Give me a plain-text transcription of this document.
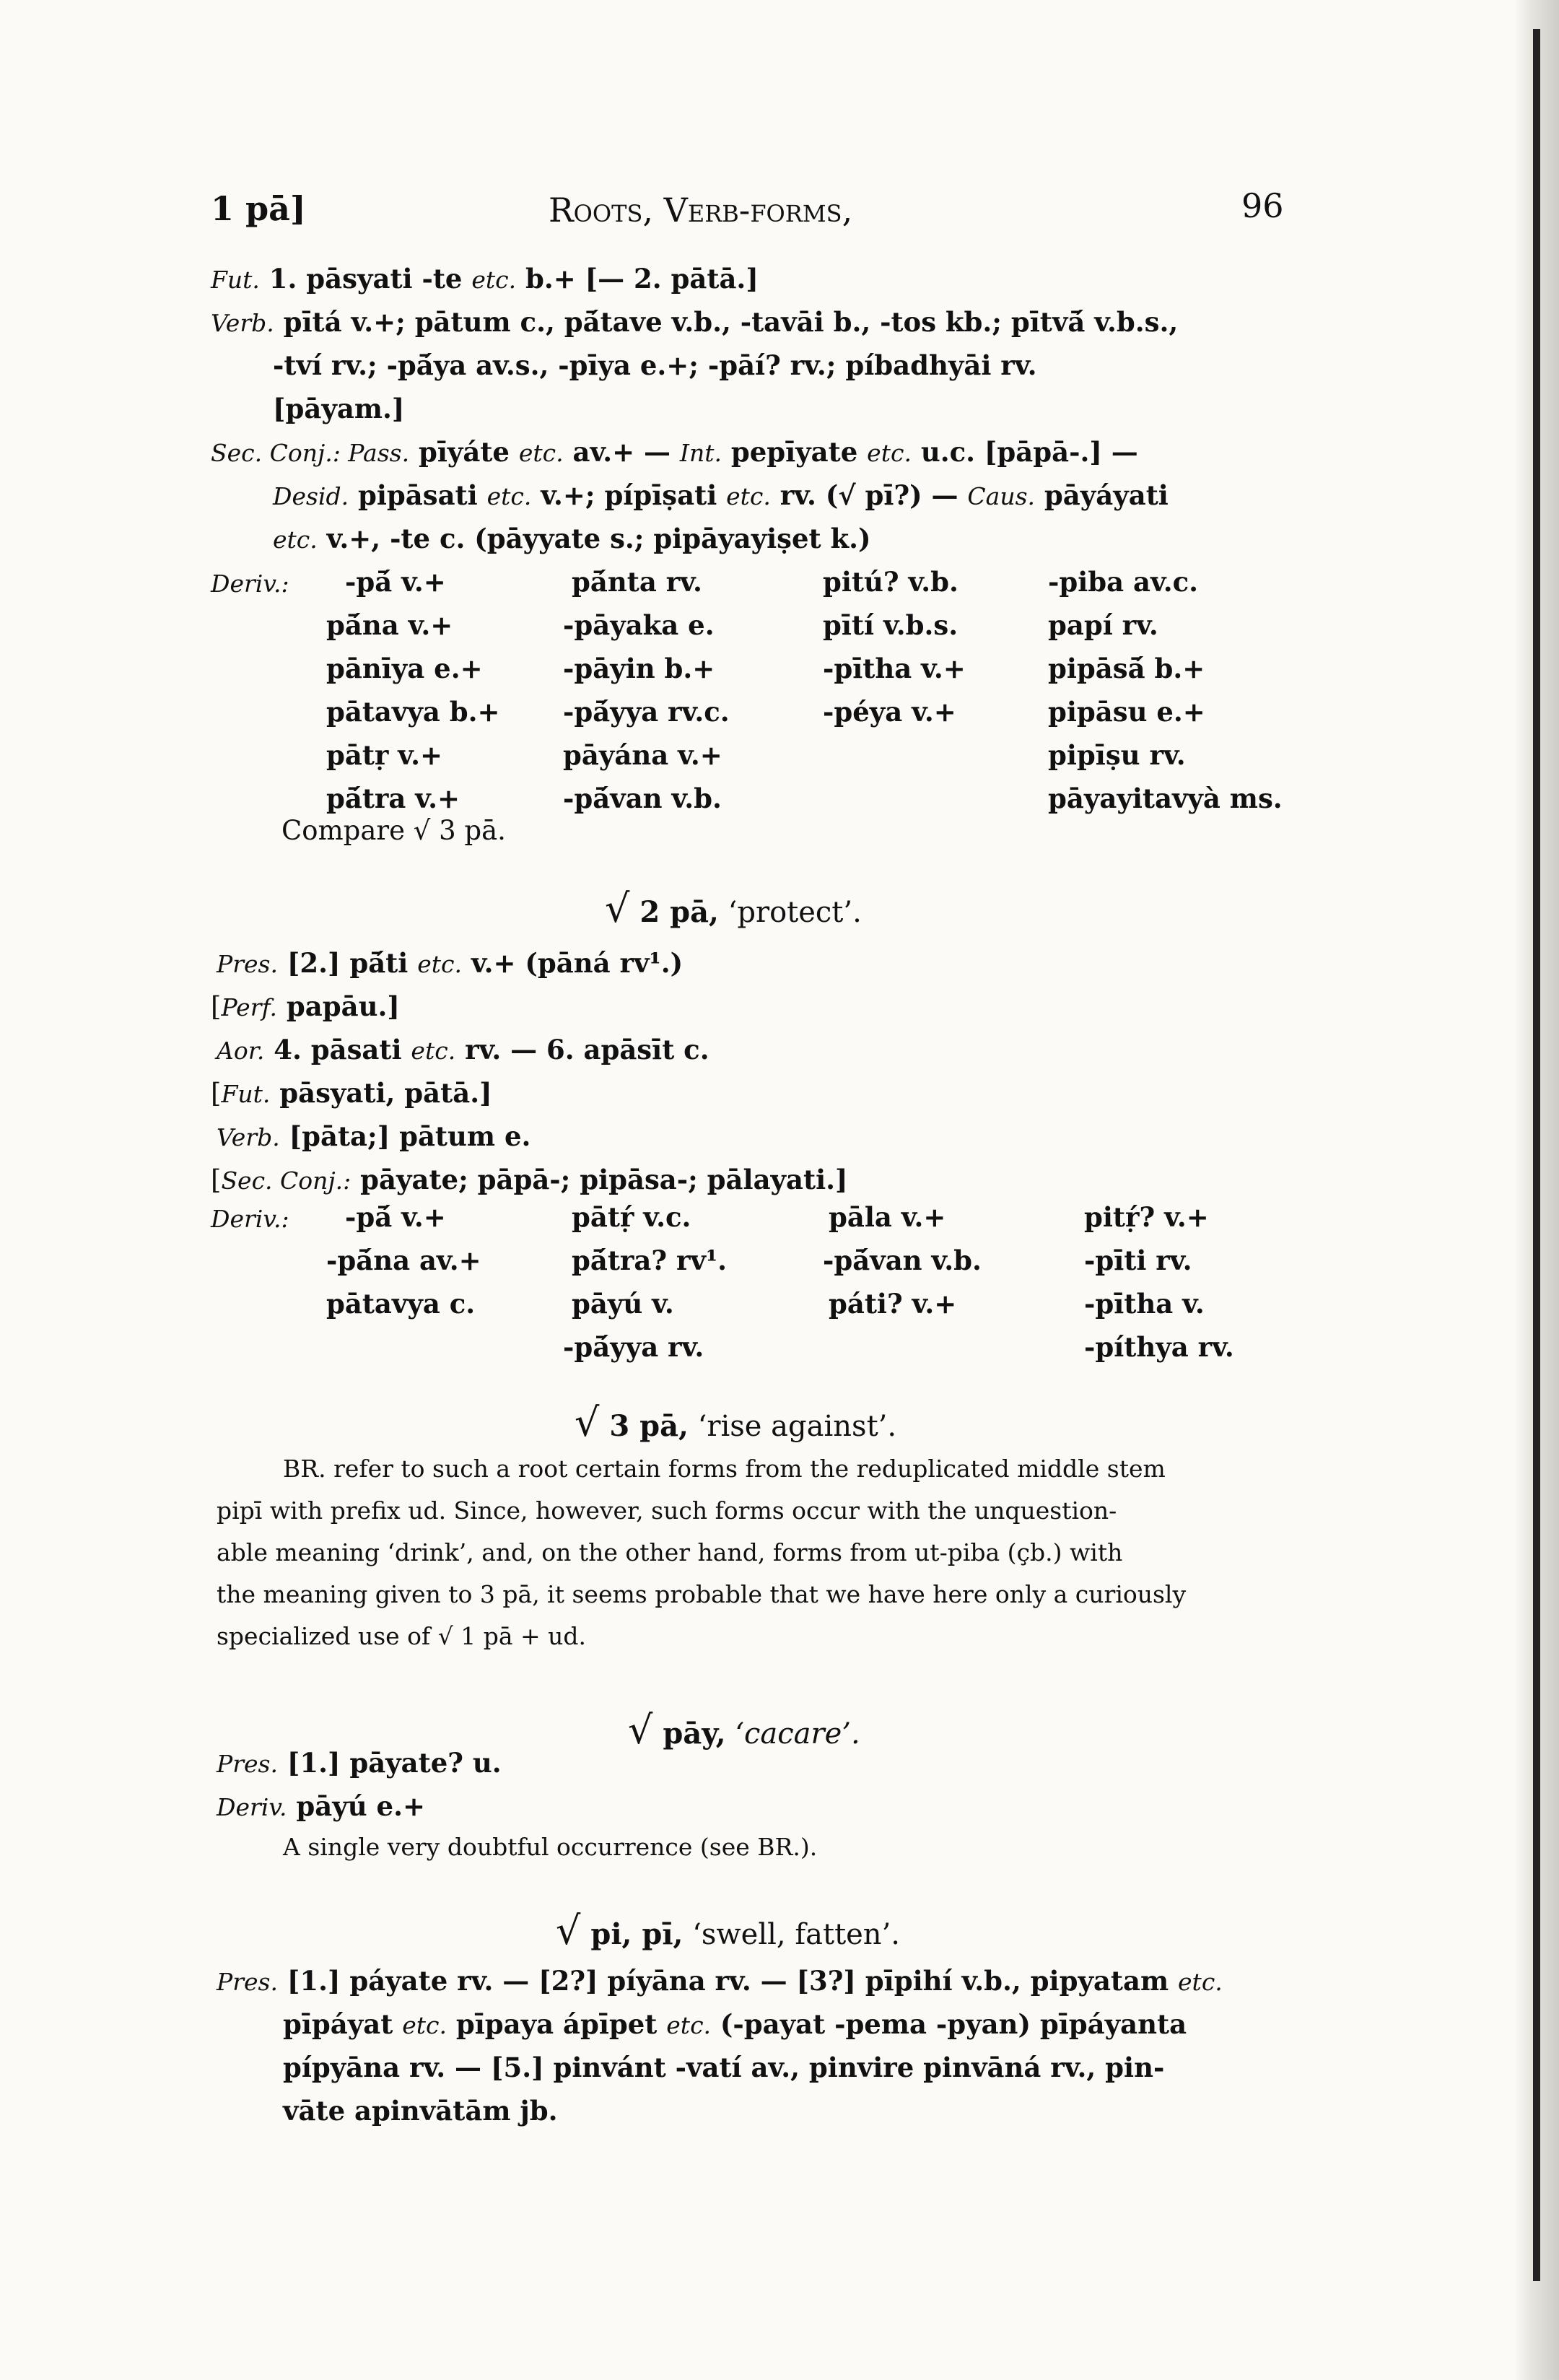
1 pā]	Roots, Verb-forms,	96
Fut. 1. pāsyati -te etc. b.+ [— 2. pātā.]
Verb. pītá v.+; pātum c., pā́tave v.b., -tavāi b., -tos kb.; pītvā́ v.b.s.,
-tví rv.; -pā́ya av.s., -pīya e.+; -pāí? rv.; píbadhyāi rv.
[pāyam.]
Sec. Conj.: Pass. pīyáte etc. av.+ — Int. pepīyate etc. u.c. [pāpā-.] —
Desid. pipāsati etc. v.+; pípīṣati etc. rv. (√ pī?) — Caus. pāyáyati
etc. v.+, -te c. (pāyyate s.; pipāyayiṣet k.)
Deriv.: -pā́ v.+
pā́na v.+
pānīya e.+
pātavya b.+
pātṛ v.+
pā́tra v.+
pā́nta rv.
-pāyaka e.
-pāyin b.+
-pā́yya rv.c.
pāyána v.+
-pā́van v.b.
pitú? v.b.
pītí v.b.s.
-pītha v.+
-péya v.+
-piba av.c.
papí rv.
pipāsā́ b.+
pipāsu e.+
pipīṣu rv.
pāyayitavyà ms.
Compare √ 3 pā.
√ 2 pā, ‘protect’.
Pres. [2.] pā́ti etc. v.+ (pāná rv¹.)
[Perf. papāu.]
Aor. 4. pāsati etc. rv. — 6. apāsīt c.
[Fut. pāsyati, pātā.]
Verb. [pāta;] pātum e.
[Sec. Conj.: pāyate; pāpā-; pipāsa-; pālayati.]
Deriv.: -pā́ v.+
-pā́na av.+
pātavya c.
pātṛ́ v.c.
pā́tra? rv¹.
pāyú v.
-pā́yya rv.
pāla v.+
-pā́van v.b.
páti? v.+
pitṛ́? v.+
-pīti rv.
-pītha v.
-píthya rv.
√ 3 pā, ‘rise against’.
BR. refer to such a root certain forms from the reduplicated middle stem
pipī with prefix ud. Since, however, such forms occur with the unquestion-
able meaning ‘drink’, and, on the other hand, forms from ut-piba (çb.) with
the meaning given to 3 pā, it seems probable that we have here only a curiously
specialized use of √ 1 pā + ud.
√ pāy, ‘cacare’.
Pres. [1.] pāyate? u.
Deriv. pāyú e.+
A single very doubtful occurrence (see BR.).
√ pi, pī, ‘swell, fatten’.
Pres. [1.] páyate rv. — [2?] píyāna rv. — [3?] pīpihí v.b., pipyatam etc.
pīpáyat etc. pīpaya ápīpet etc. (-payat -pema -pyan) pīpáyanta
pípyāna rv. — [5.] pinvánt -vatí av., pinvire pinvāná rv., pin-
vāte apinvātām jb.
